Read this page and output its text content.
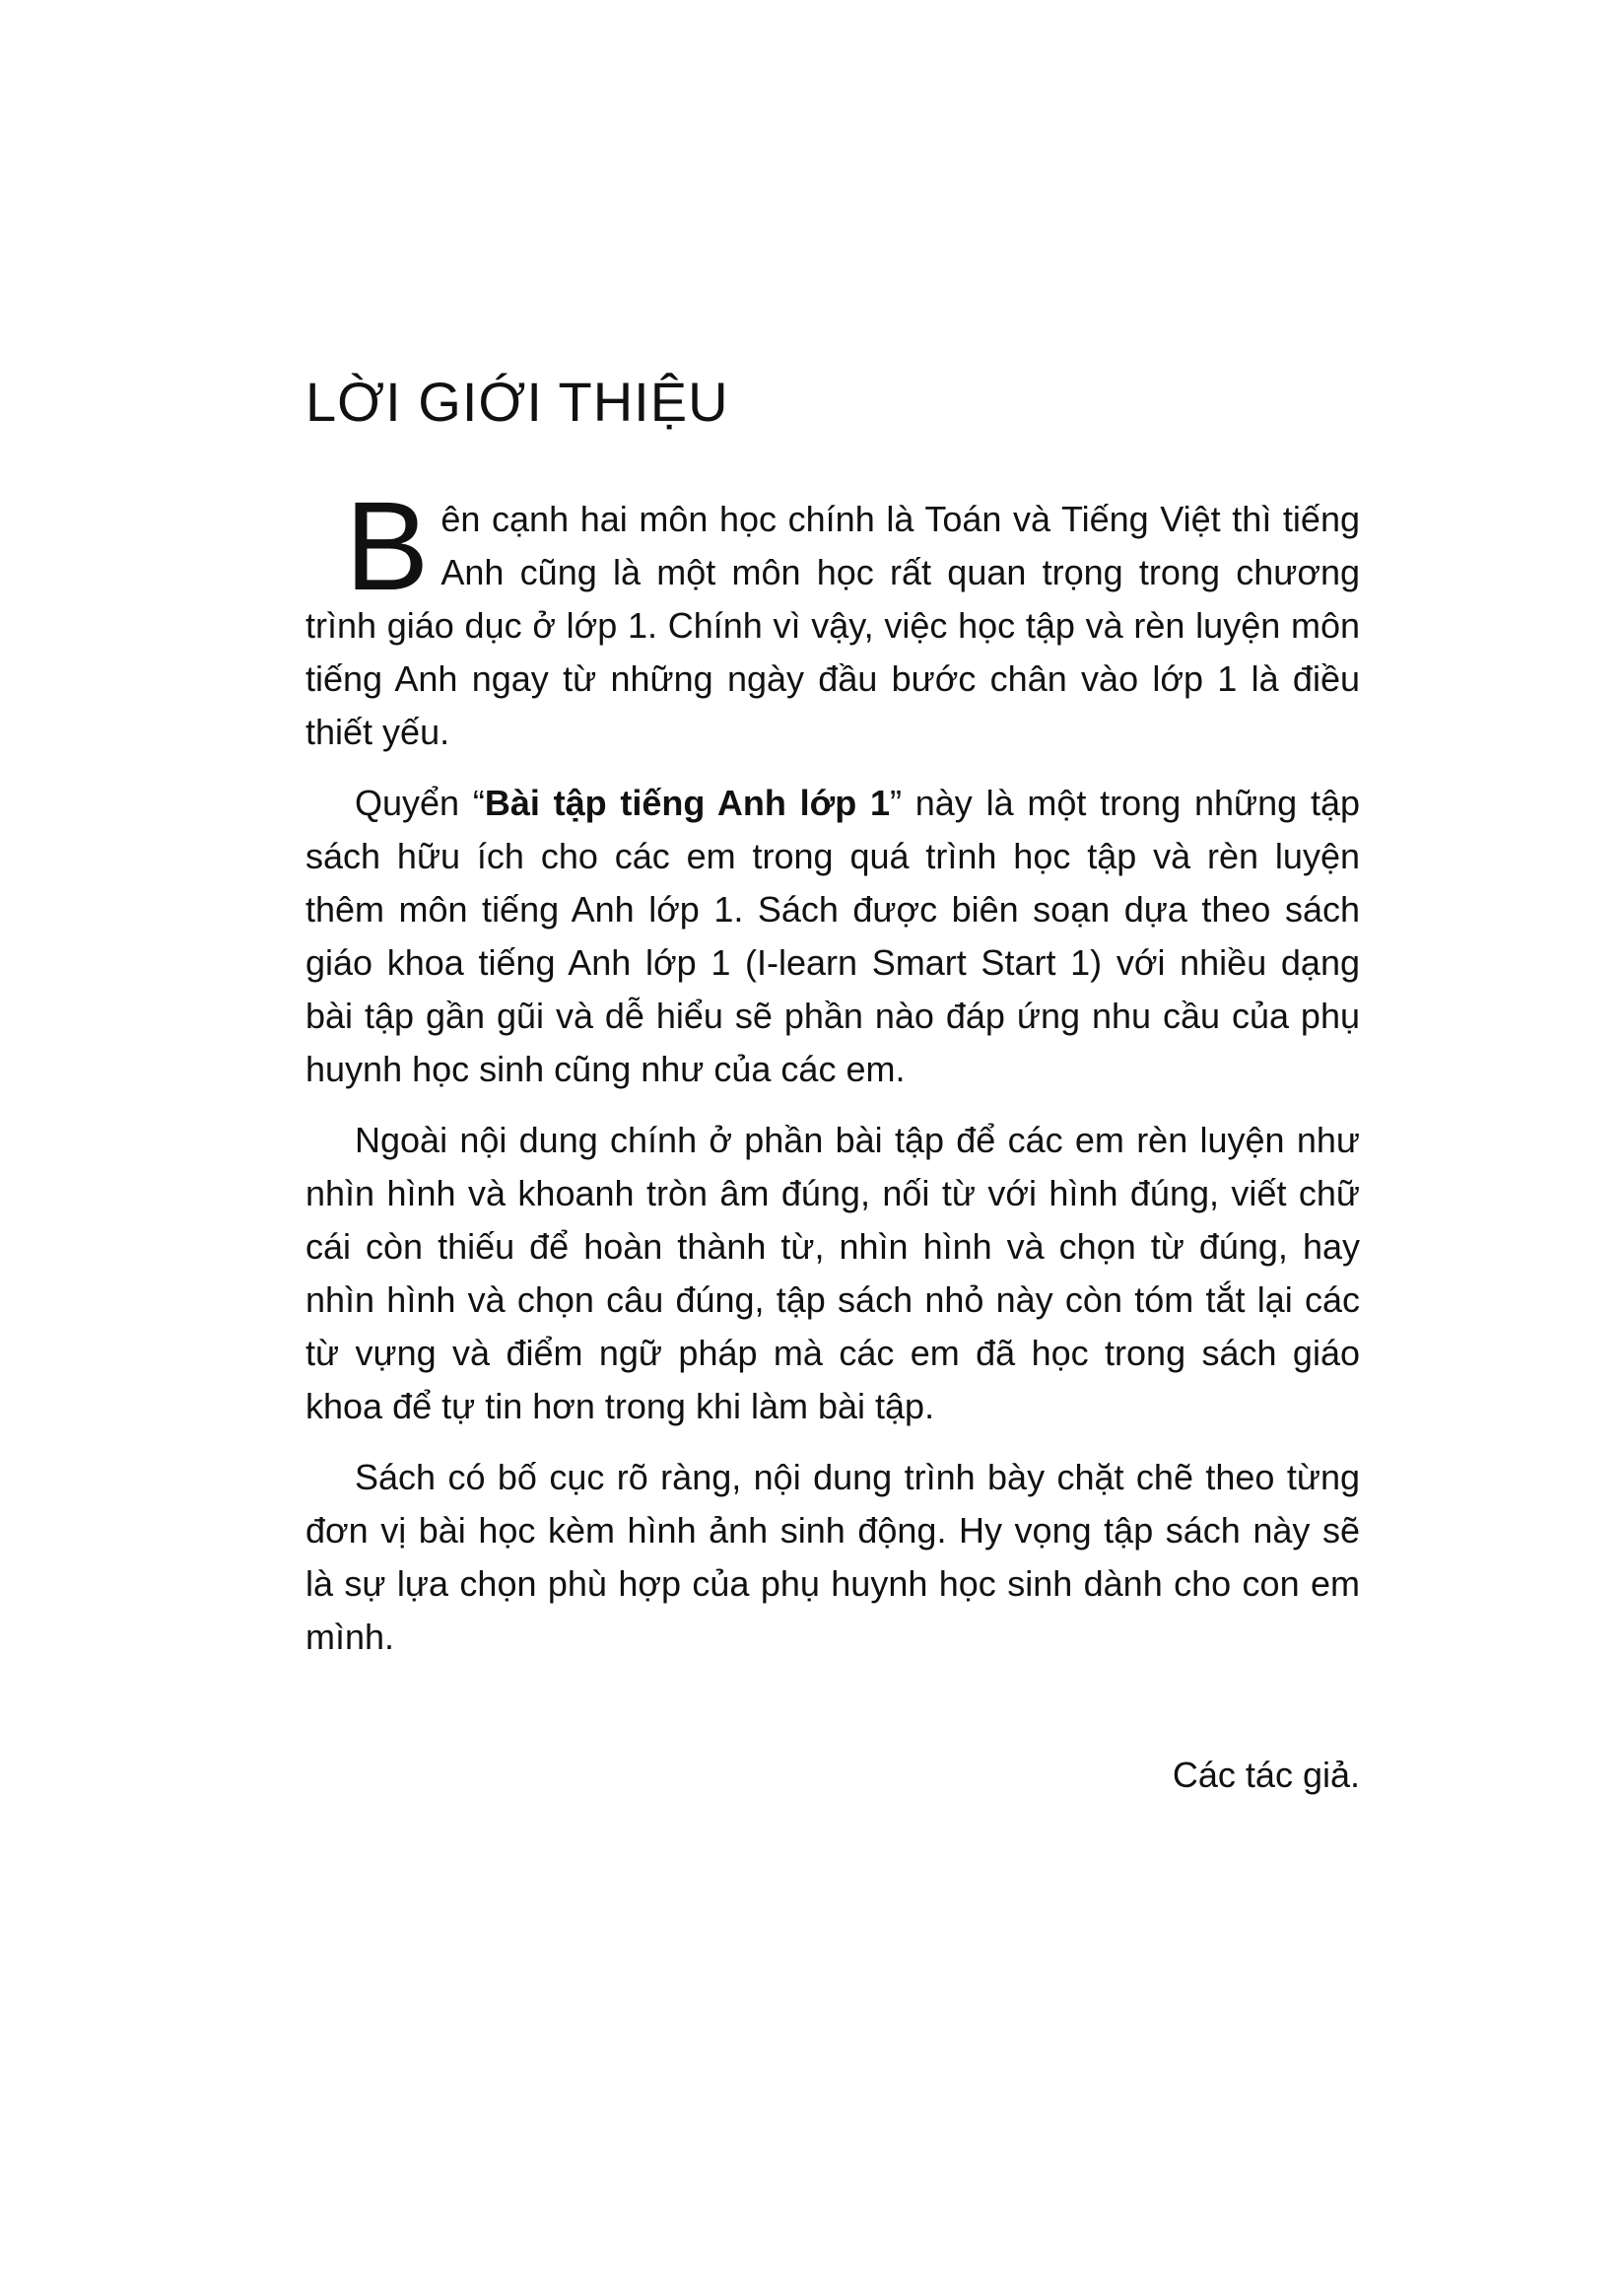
LỜI GIỚI THIỆU

Bên cạnh hai môn học chính là Toán và Tiếng Việt thì tiếng Anh cũng là một môn học rất quan trọng trong chương trình giáo dục ở lớp 1. Chính vì vậy, việc học tập và rèn luyện môn tiếng Anh ngay từ những ngày đầu bước chân vào lớp 1 là điều thiết yếu.

Quyển “Bài tập tiếng Anh lớp 1” này là một trong những tập sách hữu ích cho các em trong quá trình học tập và rèn luyện thêm môn tiếng Anh lớp 1. Sách được biên soạn dựa theo sách giáo khoa tiếng Anh lớp 1 (I-learn Smart Start 1) với nhiều dạng bài tập gần gũi và dễ hiểu sẽ phần nào đáp ứng nhu cầu của phụ huynh học sinh cũng như của các em.

Ngoài nội dung chính ở phần bài tập để các em rèn luyện như nhìn hình và khoanh tròn âm đúng, nối từ với hình đúng, viết chữ cái còn thiếu để hoàn thành từ, nhìn hình và chọn từ đúng, hay nhìn hình và chọn câu đúng, tập sách nhỏ này còn tóm tắt lại các từ vựng và điểm ngữ pháp mà các em đã học trong sách giáo khoa để tự tin hơn trong khi làm bài tập.

Sách có bố cục rõ ràng, nội dung trình bày chặt chẽ theo từng đơn vị bài học kèm hình ảnh sinh động. Hy vọng tập sách này sẽ là sự lựa chọn phù hợp của phụ huynh học sinh dành cho con em mình.

Các tác giả.
